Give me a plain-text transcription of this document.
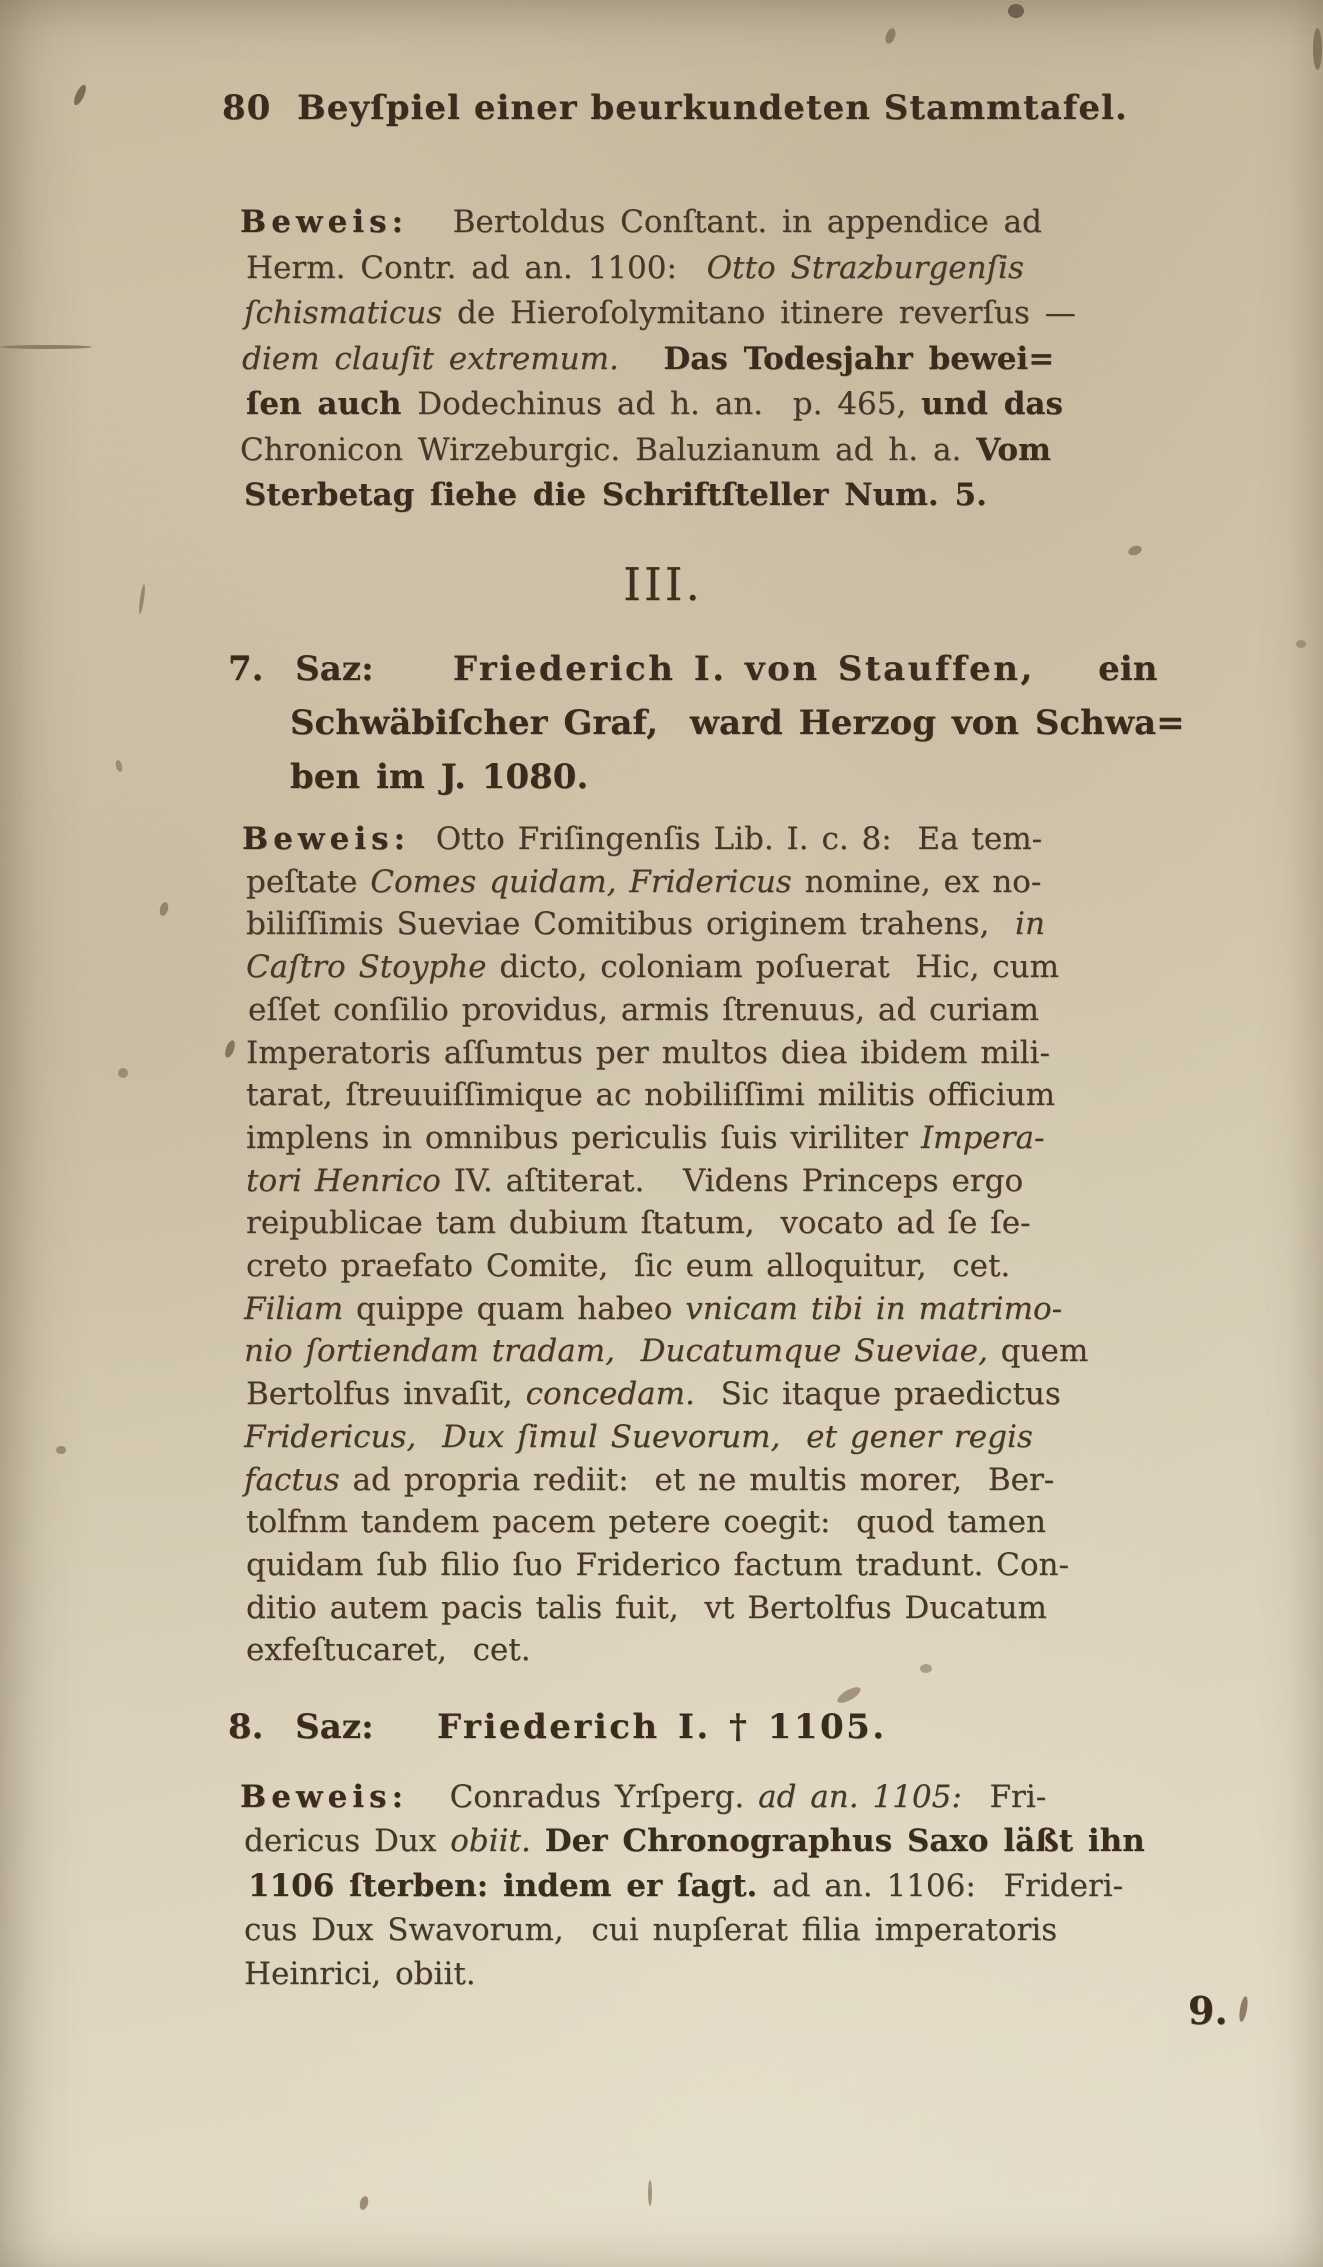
80  Beyſpiel einer beurkundeten Stammtafel.
III.
Beweis: Bertoldus Conſtant. in appendice ad
Herm. Contr. ad an. 1100:  Otto Strazburgenſis
ſchismaticus de Hieroſolymitano itinere reverſus —
diem clauſit extremum. Das Todesjahr bewei=
ſen auch Dodechinus ad h. an.  p. 465, und das
Chronicon Wirzeburgic. Baluzianum ad h. a. Vom
Sterbetag ſiehe die Schriftſteller Num. 5.
7.  Saz: Friederich I. von Stauffen,    ein
Schwäbiſcher Graf,  ward Herzog von Schwa=
ben im J. 1080.
Beweis: Otto Friſingenſis Lib. I. c. 8:  Ea tem-
peſtate Comes quidam, Fridericus nomine, ex no-
biliſſimis Sueviae Comitibus originem trahens,  in
Caſtro Stoyphe dicto, coloniam poſuerat  Hic, cum
eſſet conſilio providus, armis ſtrenuus, ad curiam
Imperatoris aſſumtus per multos diea ibidem mili-
tarat, ſtreuuiſſimique ac nobiliſſimi militis officium
implens in omnibus periculis ſuis viriliter Impera-
tori Henrico IV. aſtiterat.   Videns Princeps ergo
reipublicae tam dubium ſtatum,  vocato ad ſe ſe-
creto praefato Comite,  ſic eum alloquitur,  cet.
Filiam quippe quam habeo vnicam tibi in matrimo-
nio ſortiendam tradam,  Ducatumque Sueviae, quem
Bertolfus invaſit, concedam.  Sic itaque praedictus
Fridericus,  Dux ſimul Suevorum,  et gener regis
factus ad propria rediit:  et ne multis morer,  Ber-
tolfnm tandem pacem petere coegit:  quod tamen
quidam ſub filio ſuo Friderico factum tradunt. Con-
ditio autem pacis talis fuit,  vt Bertolfus Ducatum
exfeſtucaret,  cet.
8.  Saz: Friederich I. † 1105.
Beweis: Conradus Yrſperg. ad an. 1105:  Fri-
dericus Dux obiit. Der Chronographus Saxo läßt ihn
1106 ſterben: indem er ſagt. ad an. 1106:  Frideri-
cus Dux Swavorum,  cui nupſerat filia imperatoris
Heinrici, obiit.
9.
